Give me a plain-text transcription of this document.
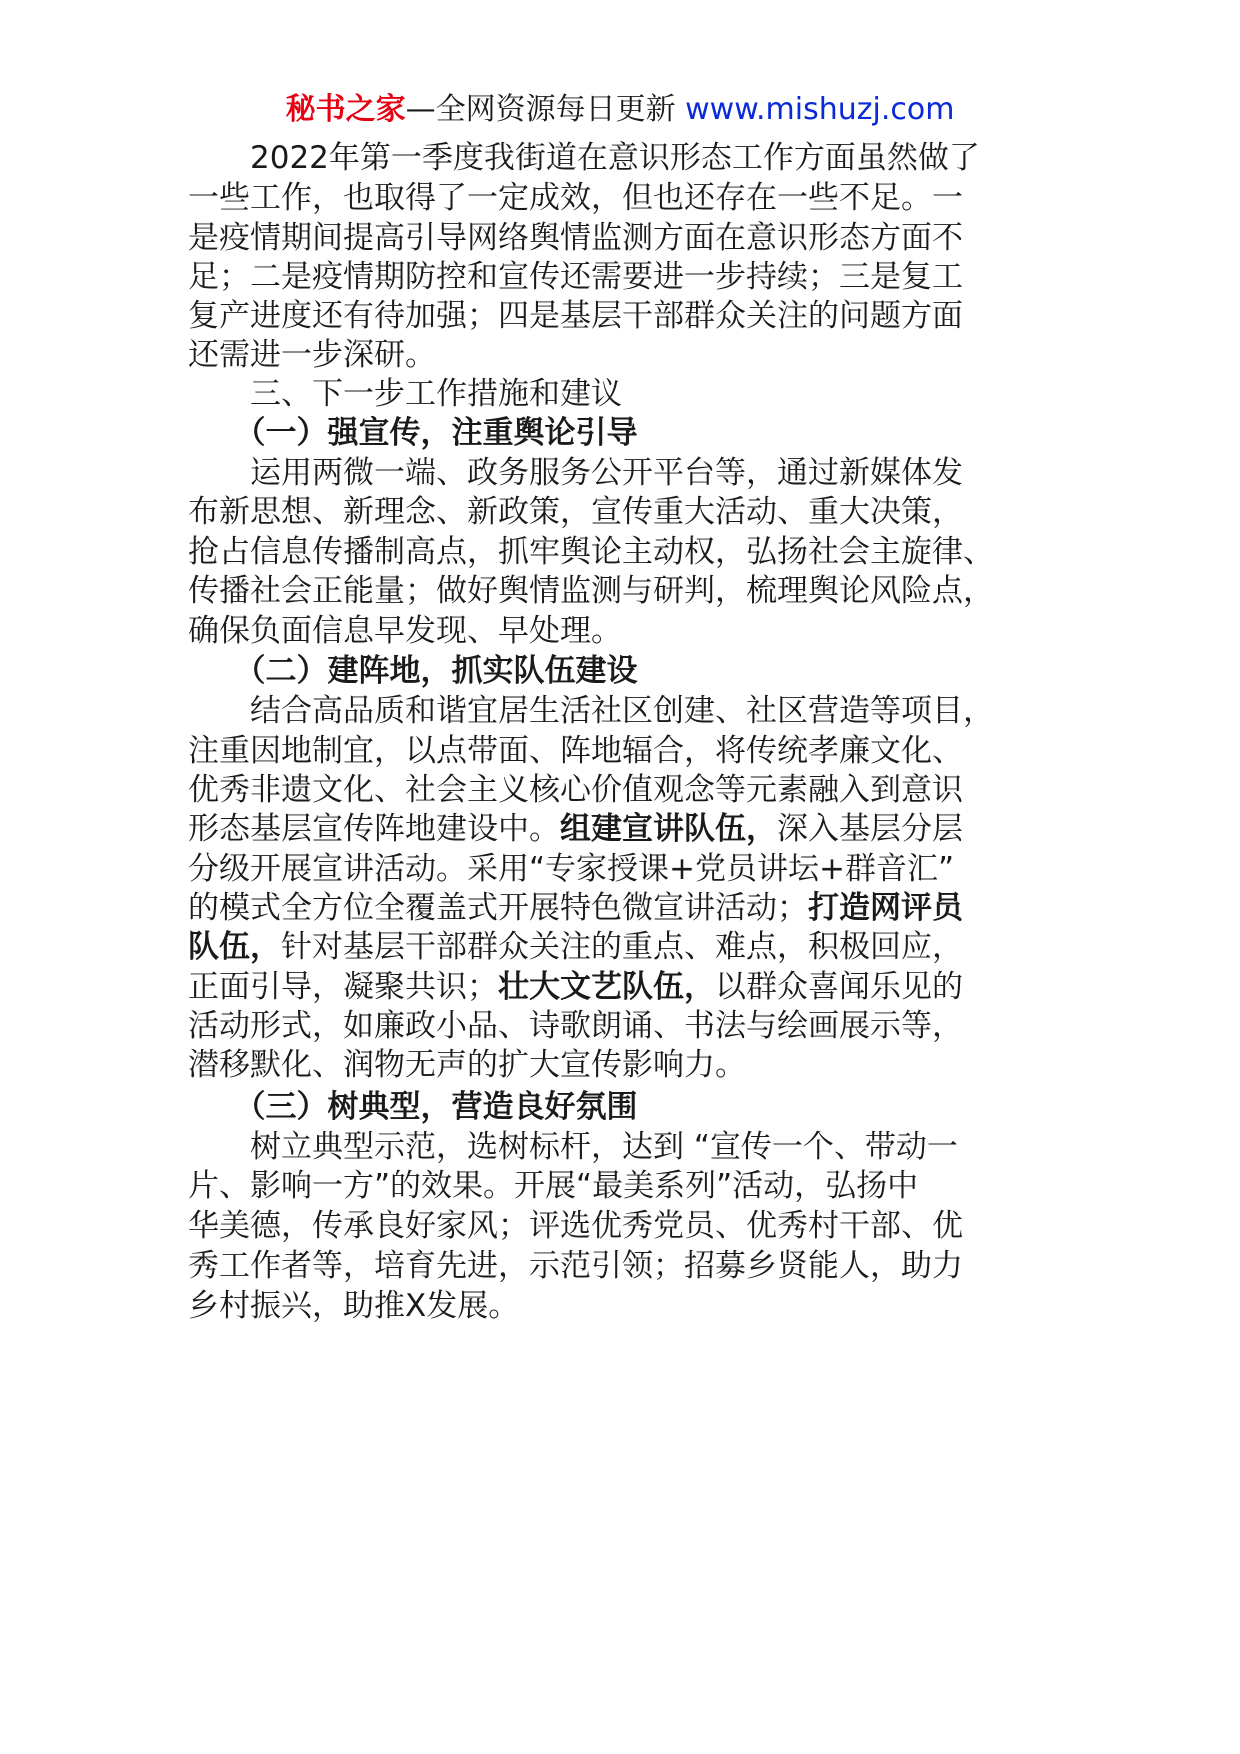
秘书之家—全网资源每日更新 www.mishuzj.com
　　2022年第一季度我街道在意识形态工作方面虽然做了
一些工作，也取得了一定成效，但也还存在一些不足。一
是疫情期间提高引导网络舆情监测方面在意识形态方面不
足；二是疫情期防控和宣传还需要进一步持续；三是复工
复产进度还有待加强；四是基层干部群众关注的问题方面
还需进一步深研。
　　三、下一步工作措施和建议
　　（一）强宣传，注重舆论引导
　　运用两微一端、政务服务公开平台等，通过新媒体发
布新思想、新理念、新政策，宣传重大活动、重大决策，
抢占信息传播制高点，抓牢舆论主动权，弘扬社会主旋律、
传播社会正能量；做好舆情监测与研判，梳理舆论风险点，
确保负面信息早发现、早处理。
　　（二）建阵地，抓实队伍建设
　　结合高品质和谐宜居生活社区创建、社区营造等项目，
注重因地制宜，以点带面、阵地辐合，将传统孝廉文化、
优秀非遗文化、社会主义核心价值观念等元素融入到意识
形态基层宣传阵地建设中。组建宣讲队伍，深入基层分层
分级开展宣讲活动。采用“专家授课+党员讲坛+群音汇”
的模式全方位全覆盖式开展特色微宣讲活动；打造网评员
队伍，针对基层干部群众关注的重点、难点，积极回应，
正面引导，凝聚共识；壮大文艺队伍，以群众喜闻乐见的
活动形式，如廉政小品、诗歌朗诵、书法与绘画展示等，
潜移默化、润物无声的扩大宣传影响力。
　　（三）树典型，营造良好氛围
　　树立典型示范，选树标杆，达到 “宣传一个、带动一
片、影响一方”的效果。开展“最美系列”活动，弘扬中
华美德，传承良好家风；评选优秀党员、优秀村干部、优
秀工作者等，培育先进，示范引领；招募乡贤能人，助力
乡村振兴，助推X发展。
